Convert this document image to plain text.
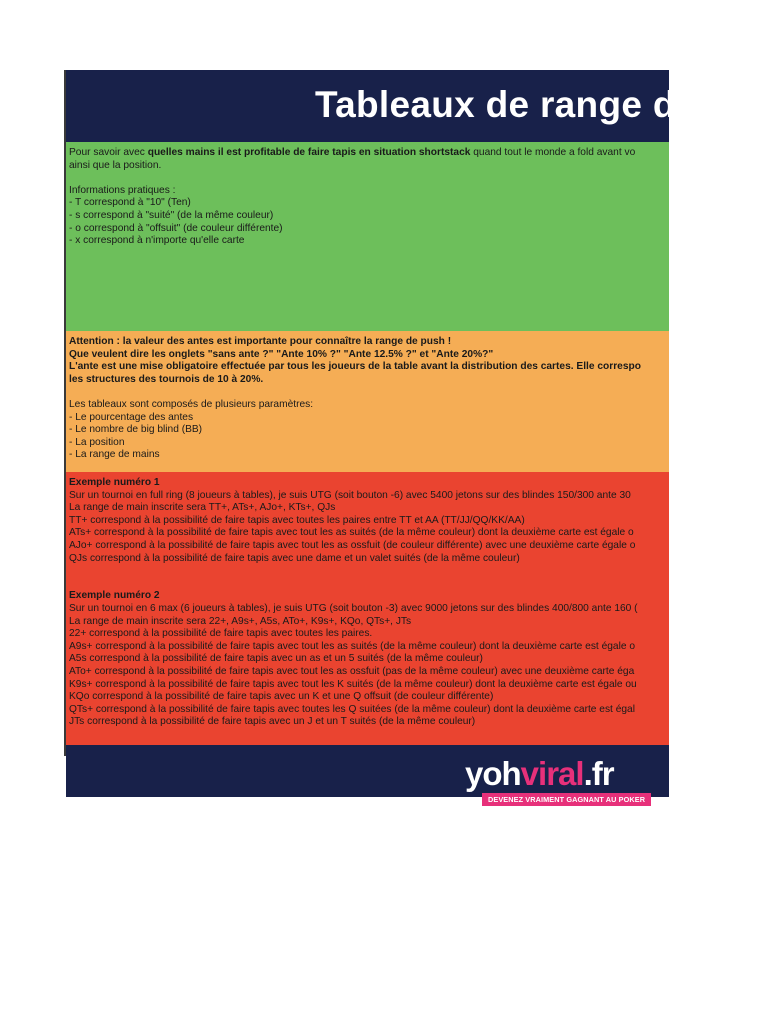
Tableaux de range de
Pour savoir avec quelles mains il est profitable de faire tapis en situation shortstack quand tout le monde a fold avant vo
ainsi que la position.
Informations pratiques :
- T correspond à "10" (Ten)
- s correspond à "suité" (de la même couleur)
- o correspond à "offsuit" (de couleur différente)
- x correspond à n'importe qu'elle carte
Attention : la valeur des antes est importante pour connaître la range de push !
Que veulent dire les onglets "sans ante ?" "Ante 10% ?" "Ante 12.5% ?" et "Ante 20%?"
L'ante est une mise obligatoire effectuée par tous les joueurs de la table avant la distribution des cartes. Elle correspo
les structures des tournois de 10 à 20%.
Les tableaux sont composés de plusieurs paramètres:
- Le pourcentage des antes
- Le nombre de big blind (BB)
- La position
- La range de mains
Exemple numéro 1
Sur un tournoi en full ring (8 joueurs à tables), je suis UTG (soit bouton -6) avec 5400 jetons sur des blindes 150/300 ante 30
La range de main inscrite sera TT+, ATs+, AJo+, KTs+, QJs
TT+ correspond à la possibilité de faire tapis avec toutes les paires entre TT et AA (TT/JJ/QQ/KK/AA)
ATs+ correspond à la possibilité de faire tapis avec tout les as suités (de la même couleur) dont la deuxième carte est égale o
AJo+ correspond à la possibilité de faire tapis avec tout les as ossfuit (de couleur différente) avec une deuxième carte égale o
QJs correspond à la possibilité de faire tapis avec une dame et un valet suités (de la même couleur)
Exemple numéro 2
Sur un tournoi en 6 max (6 joueurs à tables), je suis UTG (soit bouton -3) avec 9000 jetons sur des blindes 400/800 ante 160 (
La range de main inscrite sera 22+, A9s+, A5s, ATo+, K9s+, KQo, QTs+, JTs
22+ correspond à la possibilité de faire tapis avec toutes les paires.
A9s+ correspond à la possibilité de faire tapis avec tout les as suités (de la même couleur) dont la deuxième carte est égale o
A5s correspond à la possibilité de faire tapis avec un as et un 5 suités (de la même couleur)
ATo+ correspond à la possibilité de faire tapis avec tout les as ossfuit (pas de la même couleur) avec une deuxième carte éga
K9s+ correspond à la possibilité de faire tapis avec tout les K suités (de la même couleur) dont la deuxième carte est égale ou
KQo correspond à la possibilité de faire tapis avec un K et une Q offsuit (de couleur différente)
QTs+ correspond à la possibilité de faire tapis avec toutes les Q suitées (de la même couleur) dont la deuxième carte est égal
JTs correspond à la possibilité de faire tapis avec un J et un T suités (de la même couleur)
yohviral.fr
DEVENEZ VRAIMENT GAGNANT AU POKER
